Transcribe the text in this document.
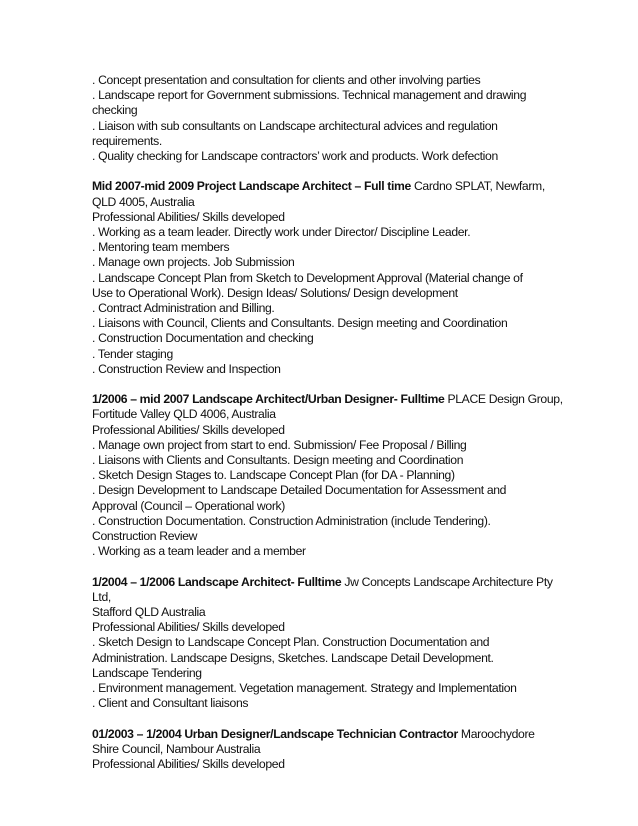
. Concept presentation and consultation for clients and other involving parties
. Landscape report for Government submissions. Technical management and drawing
checking
. Liaison with sub consultants on Landscape architectural advices and regulation
requirements.
. Quality checking for Landscape contractors’ work and products. Work defection
Mid 2007-mid 2009 Project Landscape Architect – Full time Cardno SPLAT, Newfarm,
QLD 4005, Australia
Professional Abilities/ Skills developed
. Working as a team leader. Directly work under Director/ Discipline Leader.
. Mentoring team members
. Manage own projects. Job Submission
. Landscape Concept Plan from Sketch to Development Approval (Material change of
Use to Operational Work). Design Ideas/ Solutions/ Design development
. Contract Administration and Billing.
. Liaisons with Council, Clients and Consultants. Design meeting and Coordination
. Construction Documentation and checking
. Tender staging
. Construction Review and Inspection
1/2006 – mid 2007 Landscape Architect/Urban Designer- Fulltime PLACE Design Group,
Fortitude Valley QLD 4006, Australia
Professional Abilities/ Skills developed
. Manage own project from start to end. Submission/ Fee Proposal / Billing
. Liaisons with Clients and Consultants. Design meeting and Coordination
. Sketch Design Stages to. Landscape Concept Plan (for DA - Planning)
. Design Development to Landscape Detailed Documentation for Assessment and
Approval (Council – Operational work)
. Construction Documentation. Construction Administration (include Tendering).
Construction Review
. Working as a team leader and a member
1/2004 – 1/2006 Landscape Architect- Fulltime Jw Concepts Landscape Architecture Pty
Ltd,
Stafford QLD Australia
Professional Abilities/ Skills developed
. Sketch Design to Landscape Concept Plan. Construction Documentation and
Administration. Landscape Designs, Sketches. Landscape Detail Development.
Landscape Tendering
. Environment management. Vegetation management. Strategy and Implementation
. Client and Consultant liaisons
01/2003 – 1/2004 Urban Designer/Landscape Technician Contractor Maroochydore
Shire Council, Nambour Australia
Professional Abilities/ Skills developed
